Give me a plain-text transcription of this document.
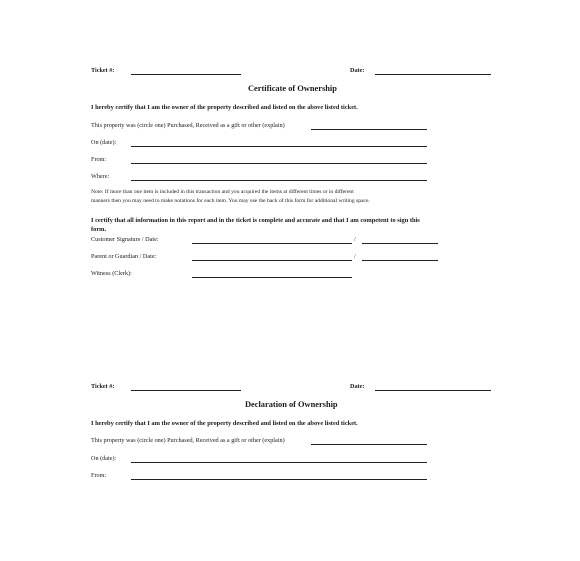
Ticket #:	Date:
Certificate of Ownership
I hereby certify that I am the owner of the property described and listed on the above listed ticket.
This property was (circle one) Purchased, Received as a gift or other (explain)
On (date):
From:
Where:
Note: If more than one item is included in this transaction and you acquired the items at different times or in different
manners then you may need to make notations for each item. You may use the back of this form for additional writing space.
I certify that all information in this report and in the ticket is complete and accurate and that I am competent to sign this
form.
Customer Signature / Date:	/
Parent or Guardian / Date:	/
Witness (Clerk):
Ticket #:	Date:
Declaration of Ownership
I hereby certify that I am the owner of the property described and listed on the above listed ticket.
This property was (circle one) Purchased, Received as a gift or other (explain)
On (date):
From:
